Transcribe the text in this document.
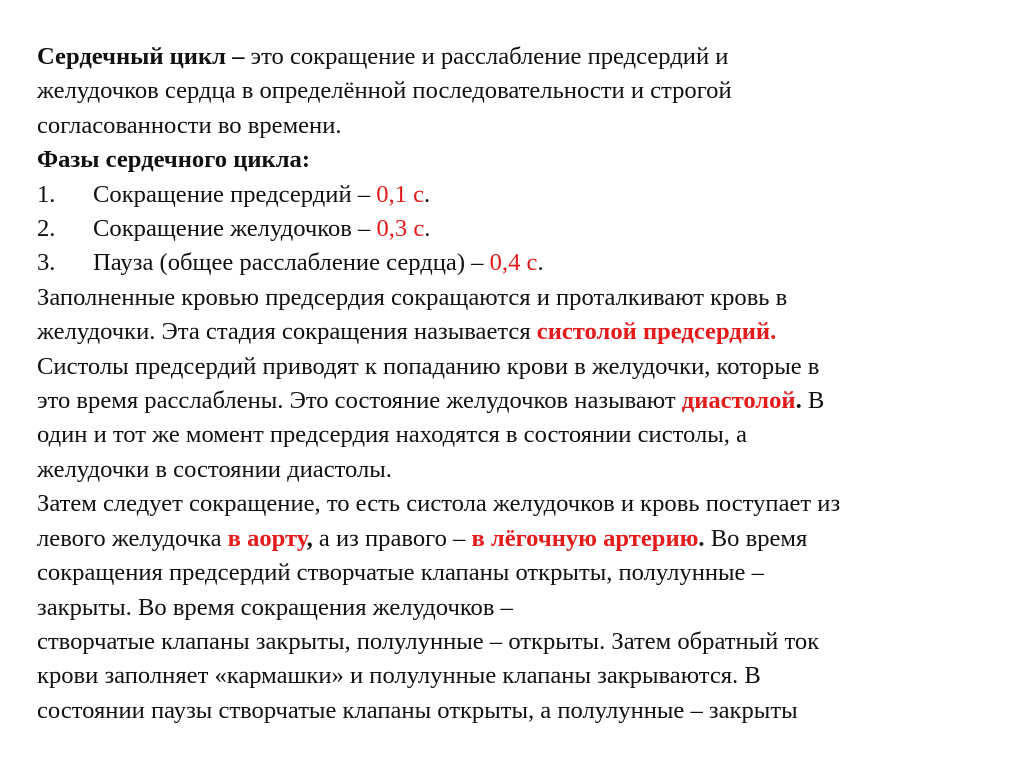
Сердечный цикл – это сокращение и расслабление предсердий и
желудочков сердца в определённой последовательности и строгой
согласованности во времени.
Фазы сердечного цикла:
1. Сокращение предсердий – 0,1 с.
2. Сокращение желудочков – 0,3 с.
3. Пауза (общее расслабление сердца) – 0,4 с.
Заполненные кровью предсердия сокращаются и проталкивают кровь в
желудочки. Эта стадия сокращения называется систолой предсердий.
Систолы предсердий приводят к попаданию крови в желудочки, которые в
это время расслаблены. Это состояние желудочков называют диастолой. В
один и тот же момент предсердия находятся в состоянии систолы, а
желудочки в состоянии диастолы.
Затем следует сокращение, то есть систола желудочков и кровь поступает из
левого желудочка в аорту, а из правого – в лёгочную артерию. Во время
сокращения предсердий створчатые клапаны открыты, полулунные –
закрыты. Во время сокращения желудочков –
створчатые клапаны закрыты, полулунные – открыты. Затем обратный ток
крови заполняет «кармашки» и полулунные клапаны закрываются. В
состоянии паузы створчатые клапаны открыты, а полулунные – закрыты
